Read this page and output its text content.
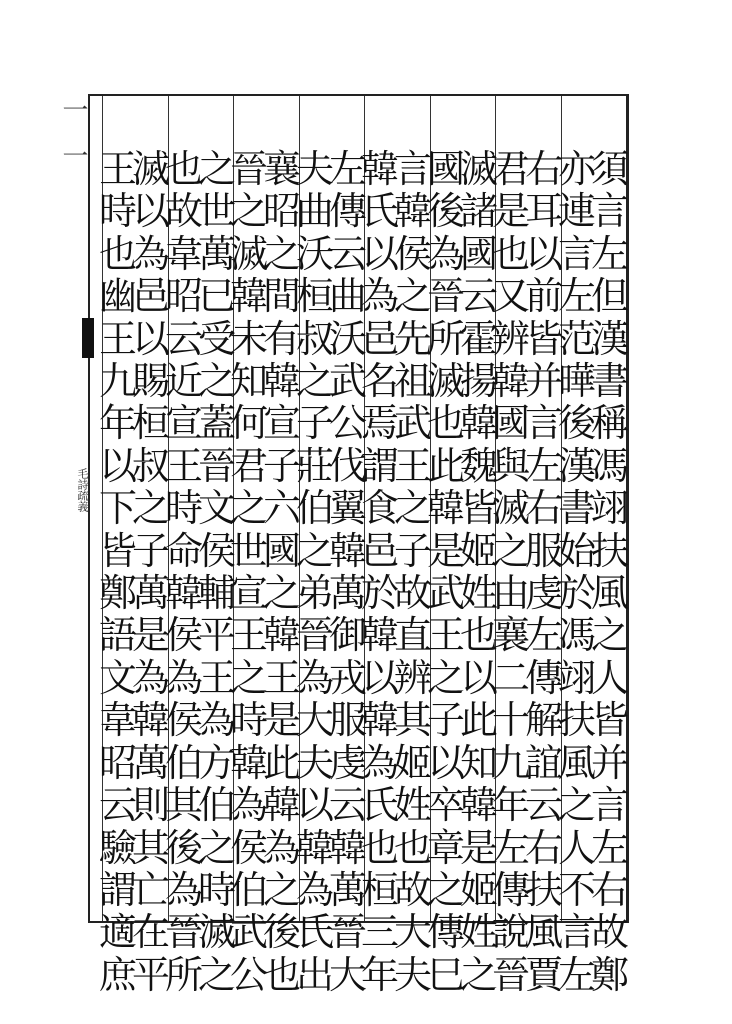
一一
毛詩疏義
須
言
左
但
漢
書
稱
馮
翊
扶
風
之
人
皆
并
言
左
右
故
鄭
亦
連
言
左
范
曄
後
漢
書
始
於
馮
翊
扶
風
之
人
不
言
左
右
耳
以
前
皆
并
言
左
右
服
虔
左
傳
解
誼
云
右
扶
風
賈
君
是
也
又
辨
韓
國
與
滅
之
由
襄
二
十
九
年
左
傳
說
晉
滅
諸
國
云
霍
揚
韓
魏
皆
姬
姓
也
以
此
知
韓
是
姬
姓
之
國
後
為
晉
所
滅
也
此
韓
是
武
王
之
子
以
卒
章
之
傳
巳
言
韓
侯
之
先
祖
武
王
之
子
故
直
辨
其
姬
姓
也
故
大
夫
韓
氏
以
為
邑
名
焉
謂
食
邑
於
韓
以
韓
為
氏
也
桓
三
年
左
傳
云
曲
沃
武
公
伐
翼
韓
萬
御
戎
服
虔
云
韓
萬
晉
大
夫
曲
沃
桓
叔
之
子
莊
伯
之
弟
晉
為
大
夫
以
韓
為
氏
出
襄
昭
之
間
有
韓
宣
子
六
國
之
韓
王
是
此
韓
為
之
後
也
晉
之
滅
韓
未
知
何
君
之
世
宣
王
之
時
韓
為
侯
伯
武
公
之
世
萬
已
受
之
蓋
晉
文
侯
輔
平
王
為
方
伯
之
時
滅
之
也
故
韋
昭
云
近
宣
王
時
命
韓
侯
為
侯
伯
其
後
為
晉
所
滅
以
為
邑
以
賜
桓
叔
之
子
萬
是
為
韓
萬
則
其
亡
在
平
王
時
也
幽
王
九
年
以
下
皆
鄭
語
文
韋
昭
云
驗
謂
適
庶
